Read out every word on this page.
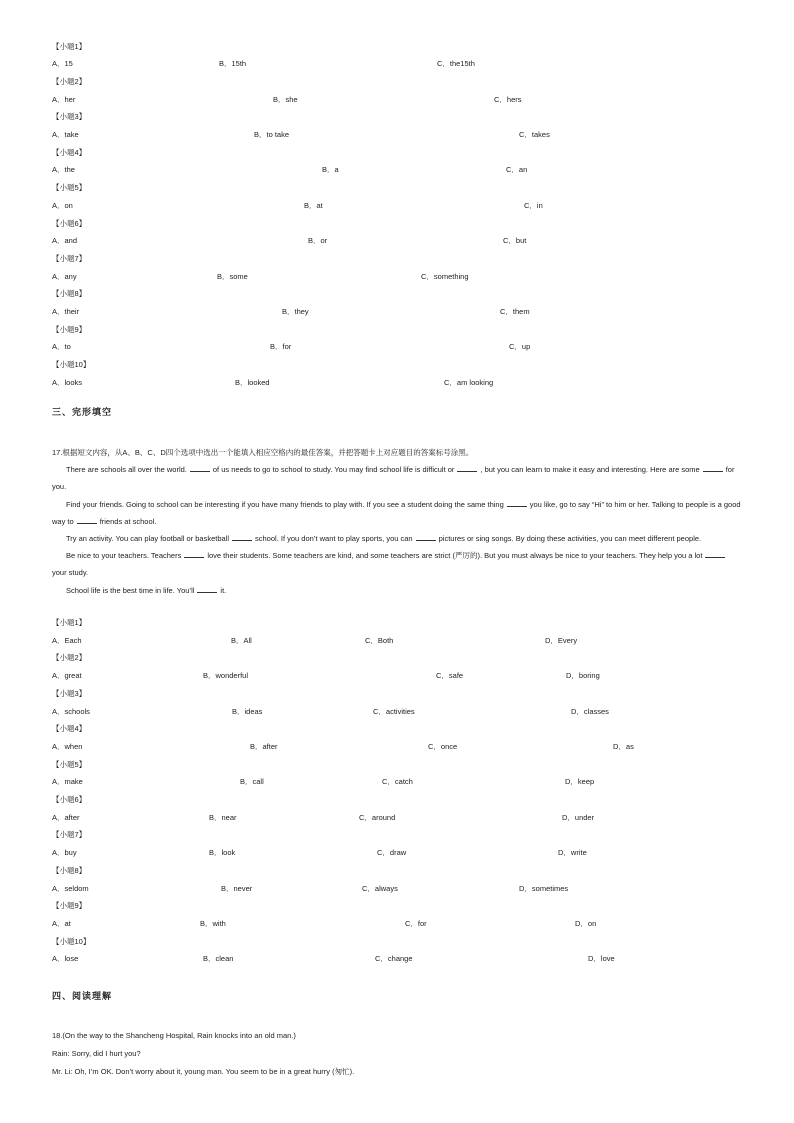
【小题1】
A．15	B．15th	C．the15th
【小题2】
A．her	B．she	C．hers
【小题3】
A．take	B．to take	C．takes
【小题4】
A．the	B．a	C．an
【小题5】
A．on	B．at	C．in
【小题6】
A．and	B．or	C．but
【小题7】
A．any	B．some	C．something
【小题8】
A．their	B．they	C．them
【小题9】
A．to	B．for	C．up
【小题10】
A．looks	B．looked	C．am looking
三、完形填空

17.根据短文内容，从A、B、C、D四个选项中选出一个能填入相应空格内的最佳答案，并把答题卡上对应题目的答案标号涂黑。

There are schools all over the world.	of us needs to go to school to study. You may find school life is difficult or	, but you can learn to make it easy and interesting. Here are some	for you.

Find your friends. Going to school can be interesting if you have many friends to play with. If you see a student doing the same thing	you like, go to say “Hi” to him or her. Talking to people is a good way to	friends at school.

Try an activity. You can play football or basketball	school. If you don’t want to play sports, you can	pictures or sing songs. By doing these activities, you can meet different people.

Be nice to your teachers. Teachers	love their students. Some teachers are kind, and some teachers are strict (严厉的). But you must always be nice to your teachers. They help you a lotyour study.

School life is the best time in life. You’ll	it.

【小题1】
A．Each	B．All	C．Both	D．Every
【小题2】
A．great	B．wonderful	C．safe	D．boring
【小题3】
A．schools	B．ideas	C．activities	D．classes
【小题4】
A．when	B．after	C．once	D．as
【小题5】
A．make	B．call	C．catch	D．keep
【小题6】
A．after	B．near	C．around	D．under
【小题7】
A．buy	B．look	C．draw	D．write
【小题8】
A．seldom	B．never	C．always	D．sometimes
【小题9】
A．at	B．with	C．for	D．on
【小题10】
A．lose	B．clean	C．change	D．love
四、阅读理解
18.(On the way to the Shancheng Hospital, Rain knocks into an old man.)
Rain: Sorry, did I hurt you?
Mr. Li: Oh, I’m OK. Don’t worry about it, young man. You seem to be in a great hurry (匆忙).
